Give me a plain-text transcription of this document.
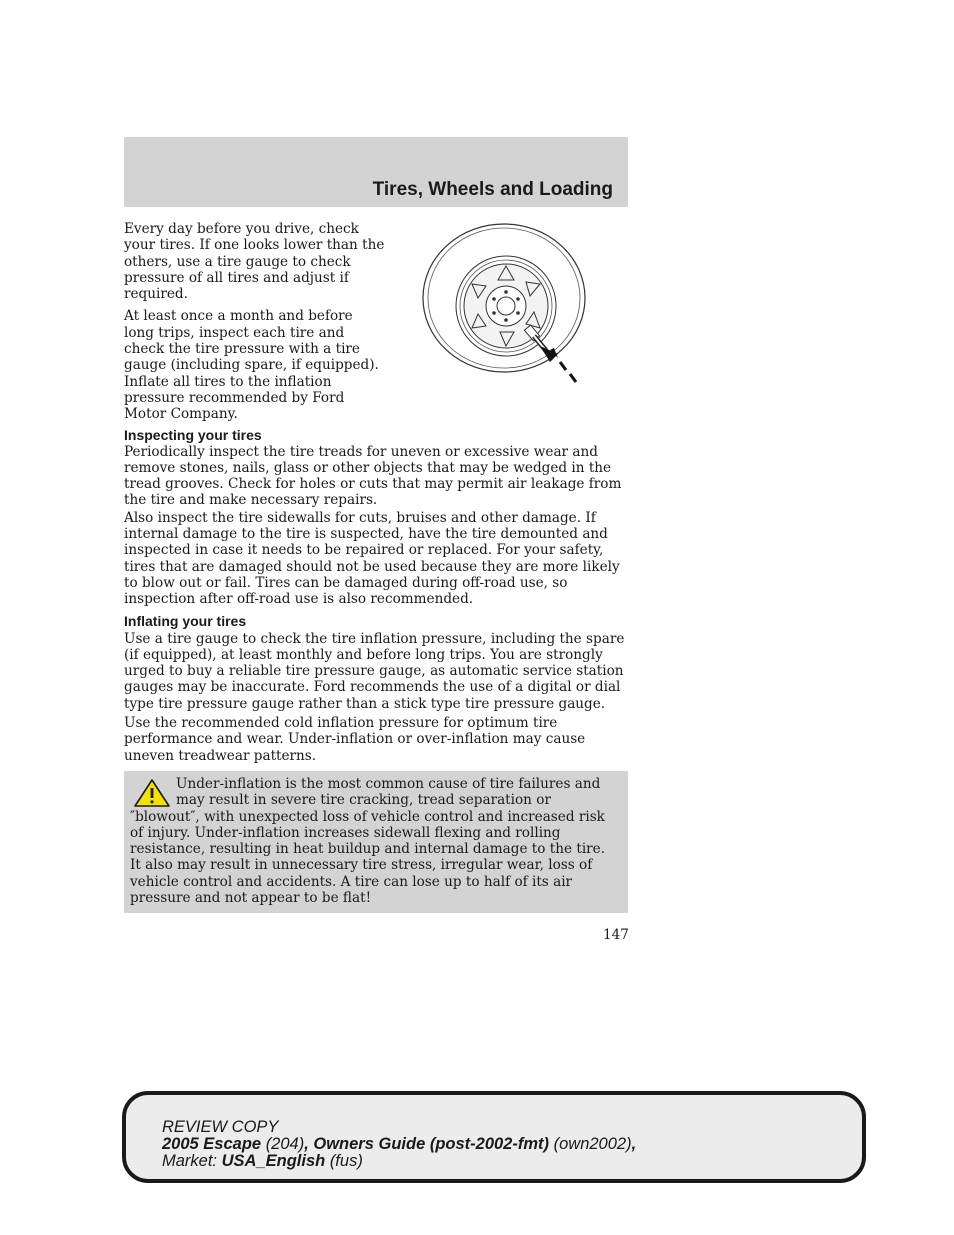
Tires, Wheels and Loading

Every day before you drive, check your tires. If one looks lower than the others, use a tire gauge to check pressure of all tires and adjust if required.

At least once a month and before long trips, inspect each tire and check the tire pressure with a tire gauge (including spare, if equipped). Inflate all tires to the inflation pressure recommended by Ford Motor Company.

Inspecting your tires

Periodically inspect the tire treads for uneven or excessive wear and remove stones, nails, glass or other objects that may be wedged in the tread grooves. Check for holes or cuts that may permit air leakage from the tire and make necessary repairs.

Also inspect the tire sidewalls for cuts, bruises and other damage. If internal damage to the tire is suspected, have the tire demounted and inspected in case it needs to be repaired or replaced. For your safety, tires that are damaged should not be used because they are more likely to blow out or fail. Tires can be damaged during off-road use, so inspection after off-road use is also recommended.

Inflating your tires

Use a tire gauge to check the tire inflation pressure, including the spare (if equipped), at least monthly and before long trips. You are strongly urged to buy a reliable tire pressure gauge, as automatic service station gauges may be inaccurate. Ford recommends the use of a digital or dial type tire pressure gauge rather than a stick type tire pressure gauge.

Use the recommended cold inflation pressure for optimum tire performance and wear. Under-inflation or over-inflation may cause uneven treadwear patterns.

Under-inflation is the most common cause of tire failures and may result in severe tire cracking, tread separation or ″blowout″, with unexpected loss of vehicle control and increased risk of injury. Under-inflation increases sidewall flexing and rolling resistance, resulting in heat buildup and internal damage to the tire. It also may result in unnecessary tire stress, irregular wear, loss of vehicle control and accidents. A tire can lose up to half of its air pressure and not appear to be flat!
147
REVIEW COPY
2005 Escape (204), Owners Guide (post-2002-fmt) (own2002),
Market: USA_English (fus)
